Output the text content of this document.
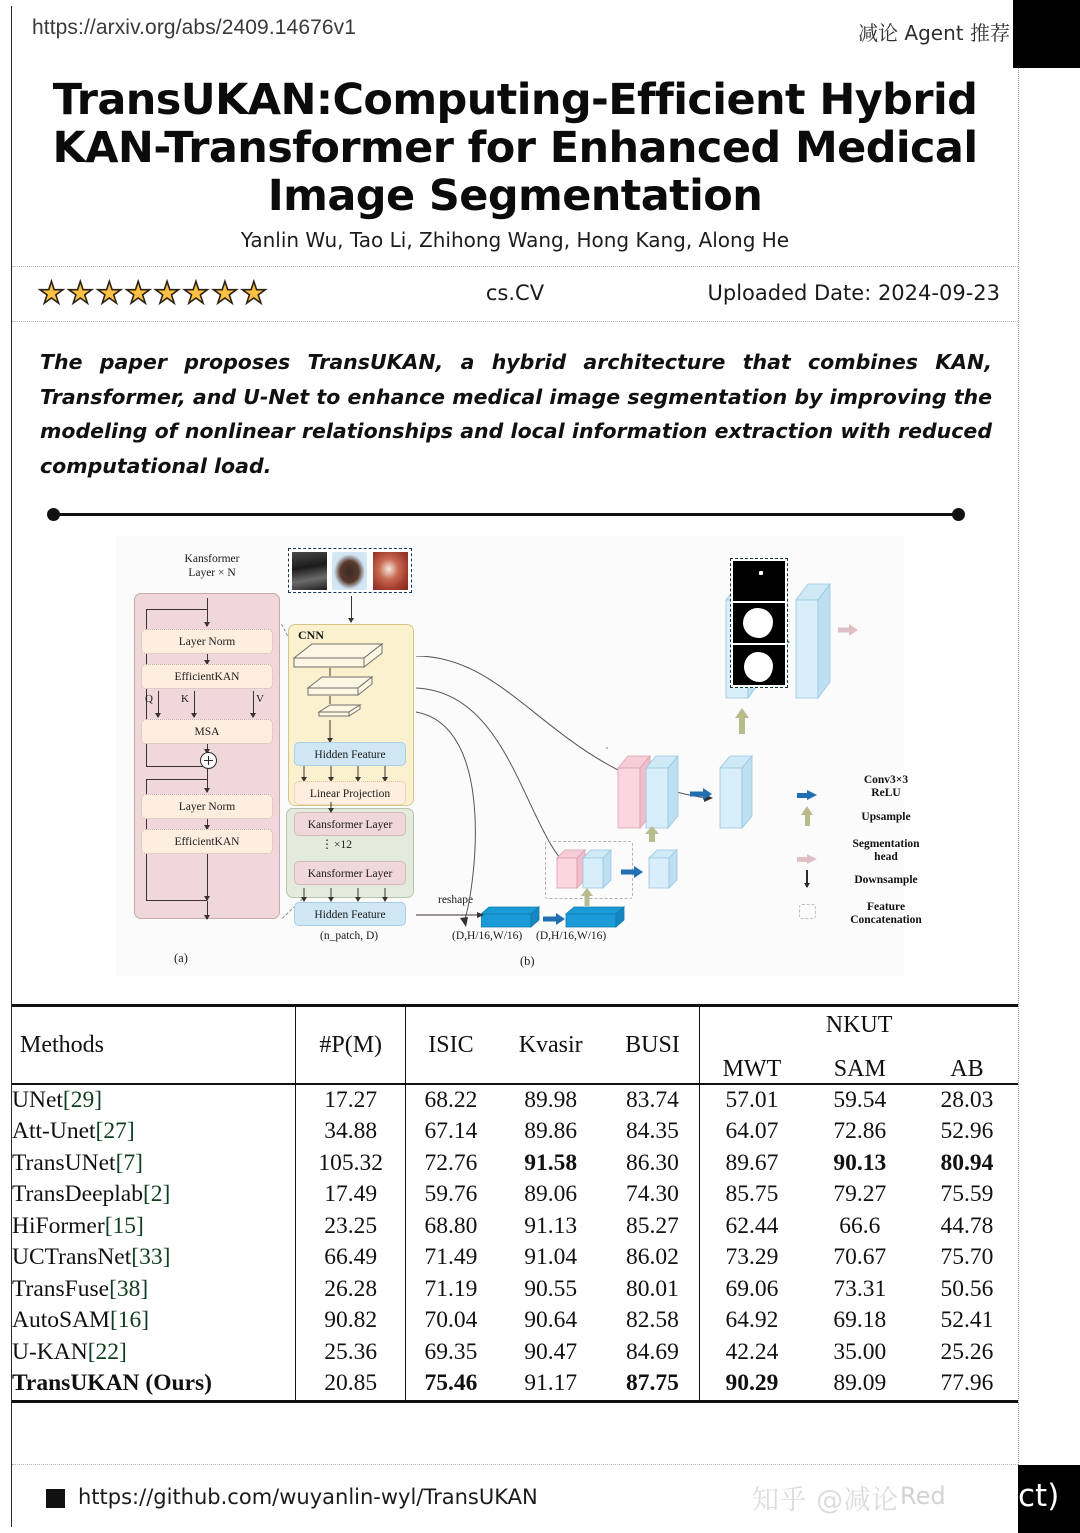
https://arxiv.org/abs/2409.14676v1	减论 Agent 推荐
TransUKAN:Computing-Efficient Hybrid KAN-Transformer for Enhanced Medical Image Segmentation
Yanlin Wu, Tao Li, Zhihong Wang, Hong Kang, Along He
★ ★ ★ ★ ★ ★ ★ ★	cs.CV	Uploaded Date: 2024-09-23
The paper proposes TransUKAN, a hybrid architecture that combines KAN, Transformer, and U-Net to enhance medical image segmentation by improving the modeling of nonlinear relationships and local information extraction with reduced computational load.
Kansformer
Layer × N
Layer Norm
EfficientKAN
Q	K	V
MSA
Layer Norm
EfficientKAN
(a)
CNN
Hidden Feature
Linear Projection
Kansformer Layer
⋮ ×12
Kansformer Layer
Hidden Feature
(n_patch, D)
reshape
(D,H/16,W/16) (D,H/16,W/16)
(b)
Conv3×3
ReLU
Upsample
Segmentation
head
Downsample
Feature
Concatenation

Methods	#P(M)	ISIC	Kvasir	BUSI	NKUT		
					MWT	SAM	AB

UNet[29]	17.27	68.22	89.98	83.74	57.01	59.54	28.03
Att-Unet[27]	34.88	67.14	89.86	84.35	64.07	72.86	52.96
TransUNet[7]	105.32	72.76	91.58	86.30	89.67	90.13	80.94
TransDeeplab[2]	17.49	59.76	89.06	74.30	85.75	79.27	75.59
HiFormer[15]	23.25	68.80	91.13	85.27	62.44	66.6	44.78
UCTransNet[33]	66.49	71.49	91.04	86.02	73.29	70.67	75.70
TransFuse[38]	26.28	71.19	90.55	80.01	69.06	73.31	50.56
AutoSAM[16]	90.82	70.04	90.64	82.58	64.92	69.18	52.41
U-KAN[22]	25.36	69.35	90.47	84.69	42.24	35.00	25.26
TransUKAN (Ours)	20.85	75.46	91.17	87.75	90.29	89.09	77.96

https://github.com/wuyanlin-wyl/TransUKAN	知乎 @减论 Red ct)
